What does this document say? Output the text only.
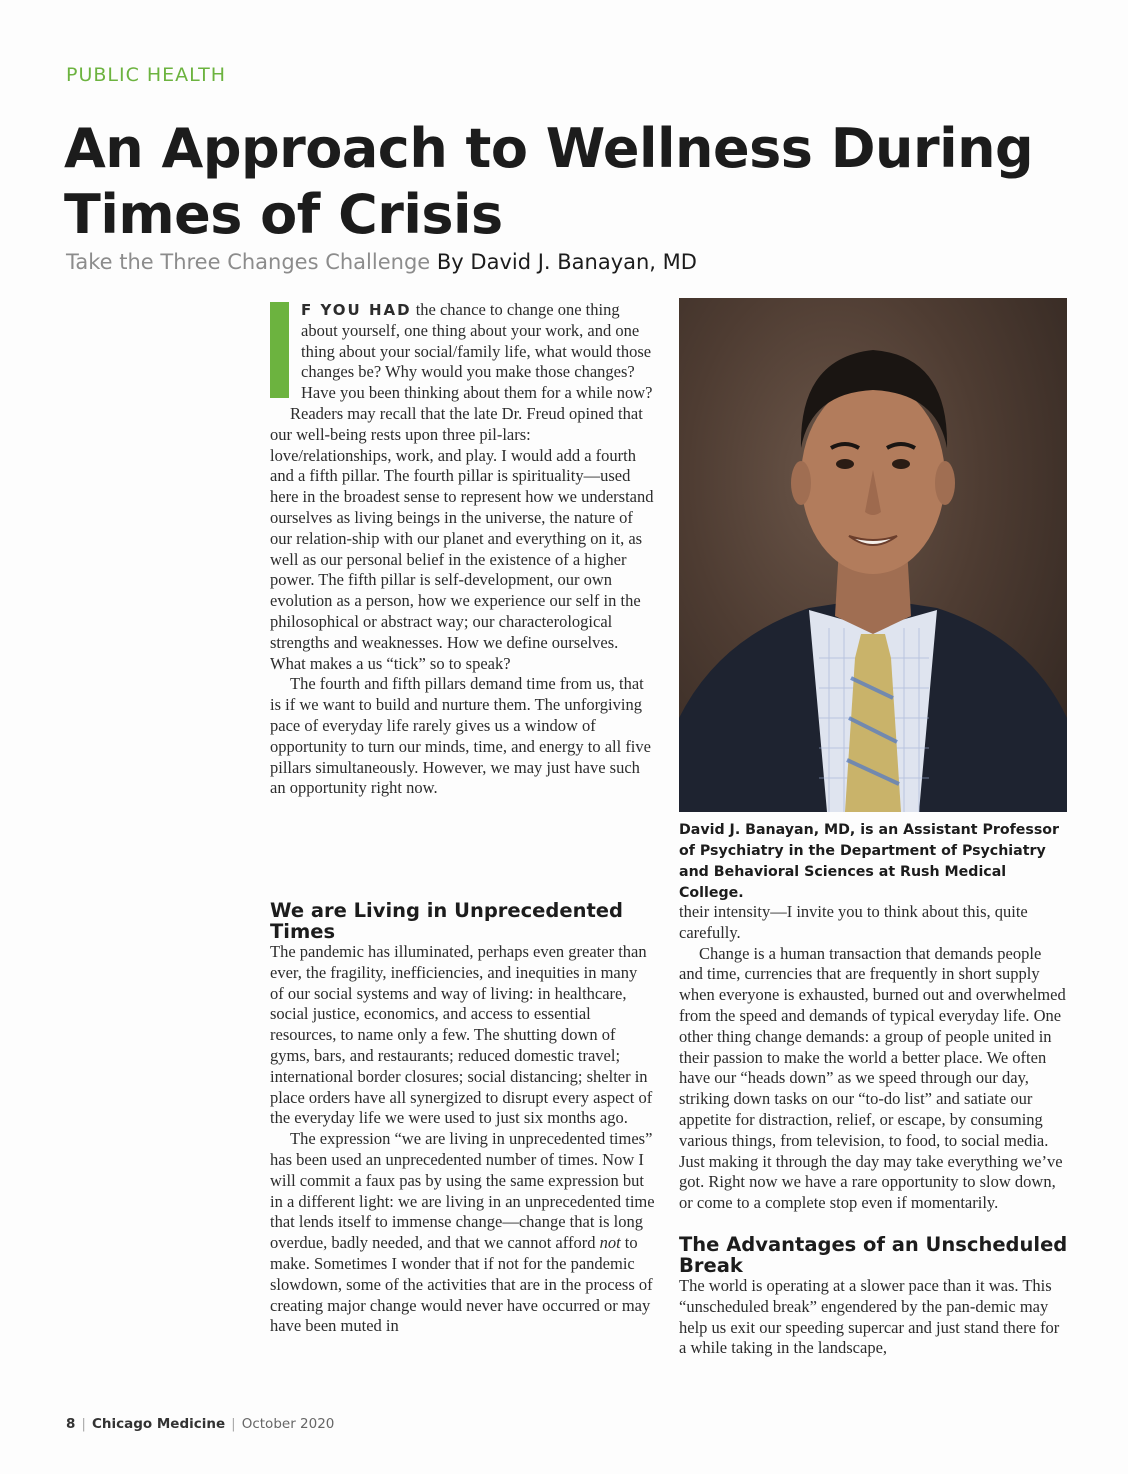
PUBLIC HEALTH
An Approach to Wellness During Times of Crisis
Take the Three Changes Challenge By David J. Banayan, MD

F YOU HAD the chance to change one thing about yourself, one thing about your work, and one thing about your social/family life, what would those changes be? Why would you make those changes? Have you been thinking about them for a while now?

Readers may recall that the late Dr. Freud opined that our well-being rests upon three pil-lars: love/relationships, work, and play. I would add a fourth and a fifth pillar. The fourth pillar is spirituality—used here in the broadest sense to represent how we understand ourselves as living beings in the universe, the nature of our relation-ship with our planet and everything on it, as well as our personal belief in the existence of a higher power. The fifth pillar is self-development, our own evolution as a person, how we experience our self in the philosophical or abstract way; our characterological strengths and weaknesses. How we define ourselves. What makes a us “tick” so to speak?

The fourth and fifth pillars demand time from us, that is if we want to build and nurture them. The unforgiving pace of everyday life rarely gives us a window of opportunity to turn our minds, time, and energy to all five pillars simultaneously. However, we may just have such an opportunity right now.

David J. Banayan, MD, is an Assistant Professor of Psychiatry in the Department of Psychiatry and Behavioral Sciences at Rush Medical College.
We are Living in Unprecedented Times

The pandemic has illuminated, perhaps even greater than ever, the fragility, inefficiencies, and inequities in many of our social systems and way of living: in healthcare, social justice, economics, and access to essential resources, to name only a few. The shutting down of gyms, bars, and restaurants; reduced domestic travel; international border closures; social distancing; shelter in place orders have all synergized to disrupt every aspect of the everyday life we were used to just six months ago.

The expression “we are living in unprecedented times” has been used an unprecedented number of times. Now I will commit a faux pas by using the same expression but in a different light: we are living in an unprecedented time that lends itself to immense change—change that is long overdue, badly needed, and that we cannot afford not to make. Sometimes I wonder that if not for the pandemic slowdown, some of the activities that are in the process of creating major change would never have occurred or may have been muted in

their intensity—I invite you to think about this, quite carefully.

Change is a human transaction that demands people and time, currencies that are frequently in short supply when everyone is exhausted, burned out and overwhelmed from the speed and demands of typical everyday life. One other thing change demands: a group of people united in their passion to make the world a better place. We often have our “heads down” as we speed through our day, striking down tasks on our “to-do list” and satiate our appetite for distraction, relief, or escape, by consuming various things, from television, to food, to social media. Just making it through the day may take everything we’ve got. Right now we have a rare opportunity to slow down, or come to a complete stop even if momentarily.

The Advantages of an Unscheduled Break

The world is operating at a slower pace than it was. This “unscheduled break” engendered by the pan-demic may help us exit our speeding supercar and just stand there for a while taking in the landscape,

8 | Chicago Medicine | October 2020
